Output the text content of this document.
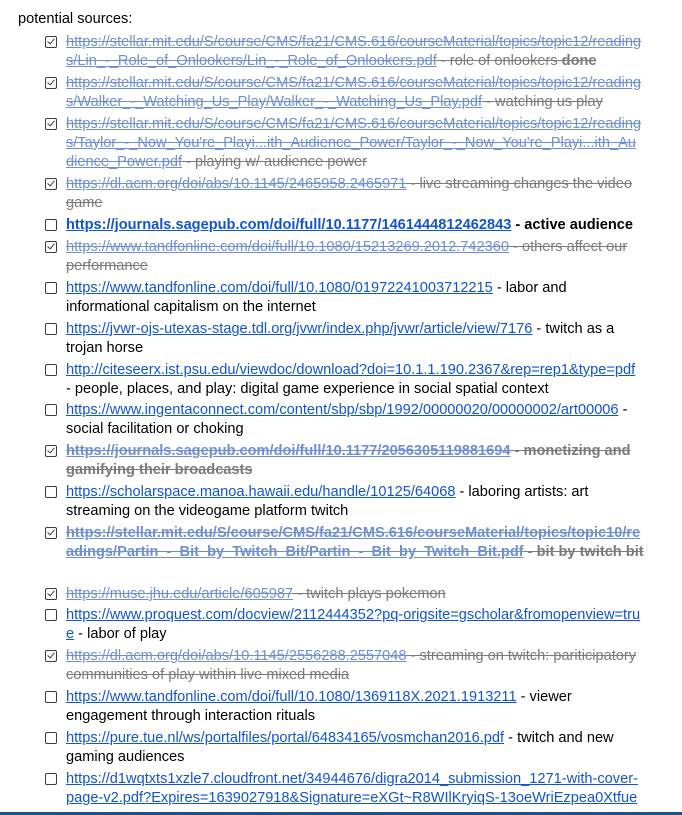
potential sources:
https://stellar.mit.edu/S/course/CMS/fa21/CMS.616/courseMaterial/topics/topic12/readings/Lin_-_Role_of_Onlookers/Lin_-_Role_of_Onlookers.pdf - role of onlookers done
https://stellar.mit.edu/S/course/CMS/fa21/CMS.616/courseMaterial/topics/topic12/readings/Walker_-_Watching_Us_Play/Walker_-_Watching_Us_Play.pdf - watching us play
https://stellar.mit.edu/S/course/CMS/fa21/CMS.616/courseMaterial/topics/topic12/readings/Taylor_-_Now_You're_Playi...ith_Audience_Power/Taylor_-_Now_You're_Playi...ith_Audience_Power.pdf - playing w/ audience power
https://dl.acm.org/doi/abs/10.1145/2465958.2465971 - live streaming changes the video game
https://journals.sagepub.com/doi/full/10.1177/1461444812462843 - active audience
https://www.tandfonline.com/doi/full/10.1080/15213269.2012.742360 - others affect our performance
https://www.tandfonline.com/doi/full/10.1080/01972241003712215 - labor and informational capitalism on the internet
https://jvwr-ojs-utexas-stage.tdl.org/jvwr/index.php/jvwr/article/view/7176 - twitch as a trojan horse
http://citeseerx.ist.psu.edu/viewdoc/download?doi=10.1.1.190.2367&rep=rep1&type=pdf - people, places, and play: digital game experience in social spatial context
https://www.ingentaconnect.com/content/sbp/sbp/1992/00000020/00000002/art00006 - social facilitation or choking
https://journals.sagepub.com/doi/full/10.1177/2056305119881694 - monetizing and gamifying their broadcasts
https://scholarspace.manoa.hawaii.edu/handle/10125/64068 - laboring artists: art streaming on the videogame platform twitch
https://stellar.mit.edu/S/course/CMS/fa21/CMS.616/courseMaterial/topics/topic10/readings/Partin_-_Bit_by_Twitch_Bit/Partin_-_Bit_by_Twitch_Bit.pdf - bit by twitch bit
https://muse.jhu.edu/article/605987 - twitch plays pokemon
https://www.proquest.com/docview/2112444352?pq-origsite=gscholar&fromopenview=true - labor of play
https://dl.acm.org/doi/abs/10.1145/2556288.2557048 - streaming on twitch: pariticipatory communities of play within live mixed media
https://www.tandfonline.com/doi/full/10.1080/1369118X.2021.1913211 - viewer engagement through interaction rituals
https://pure.tue.nl/ws/portalfiles/portal/64834165/vosmchan2016.pdf - twitch and new gaming audiences
https://d1wqtxts1xzle7.cloudfront.net/34944676/digra2014_submission_1271-with-cover-page-v2.pdf?Expires=1639027918&Signature=eXGt~R8WIlKryiqS-13oeWriEzpea0Xtfue
